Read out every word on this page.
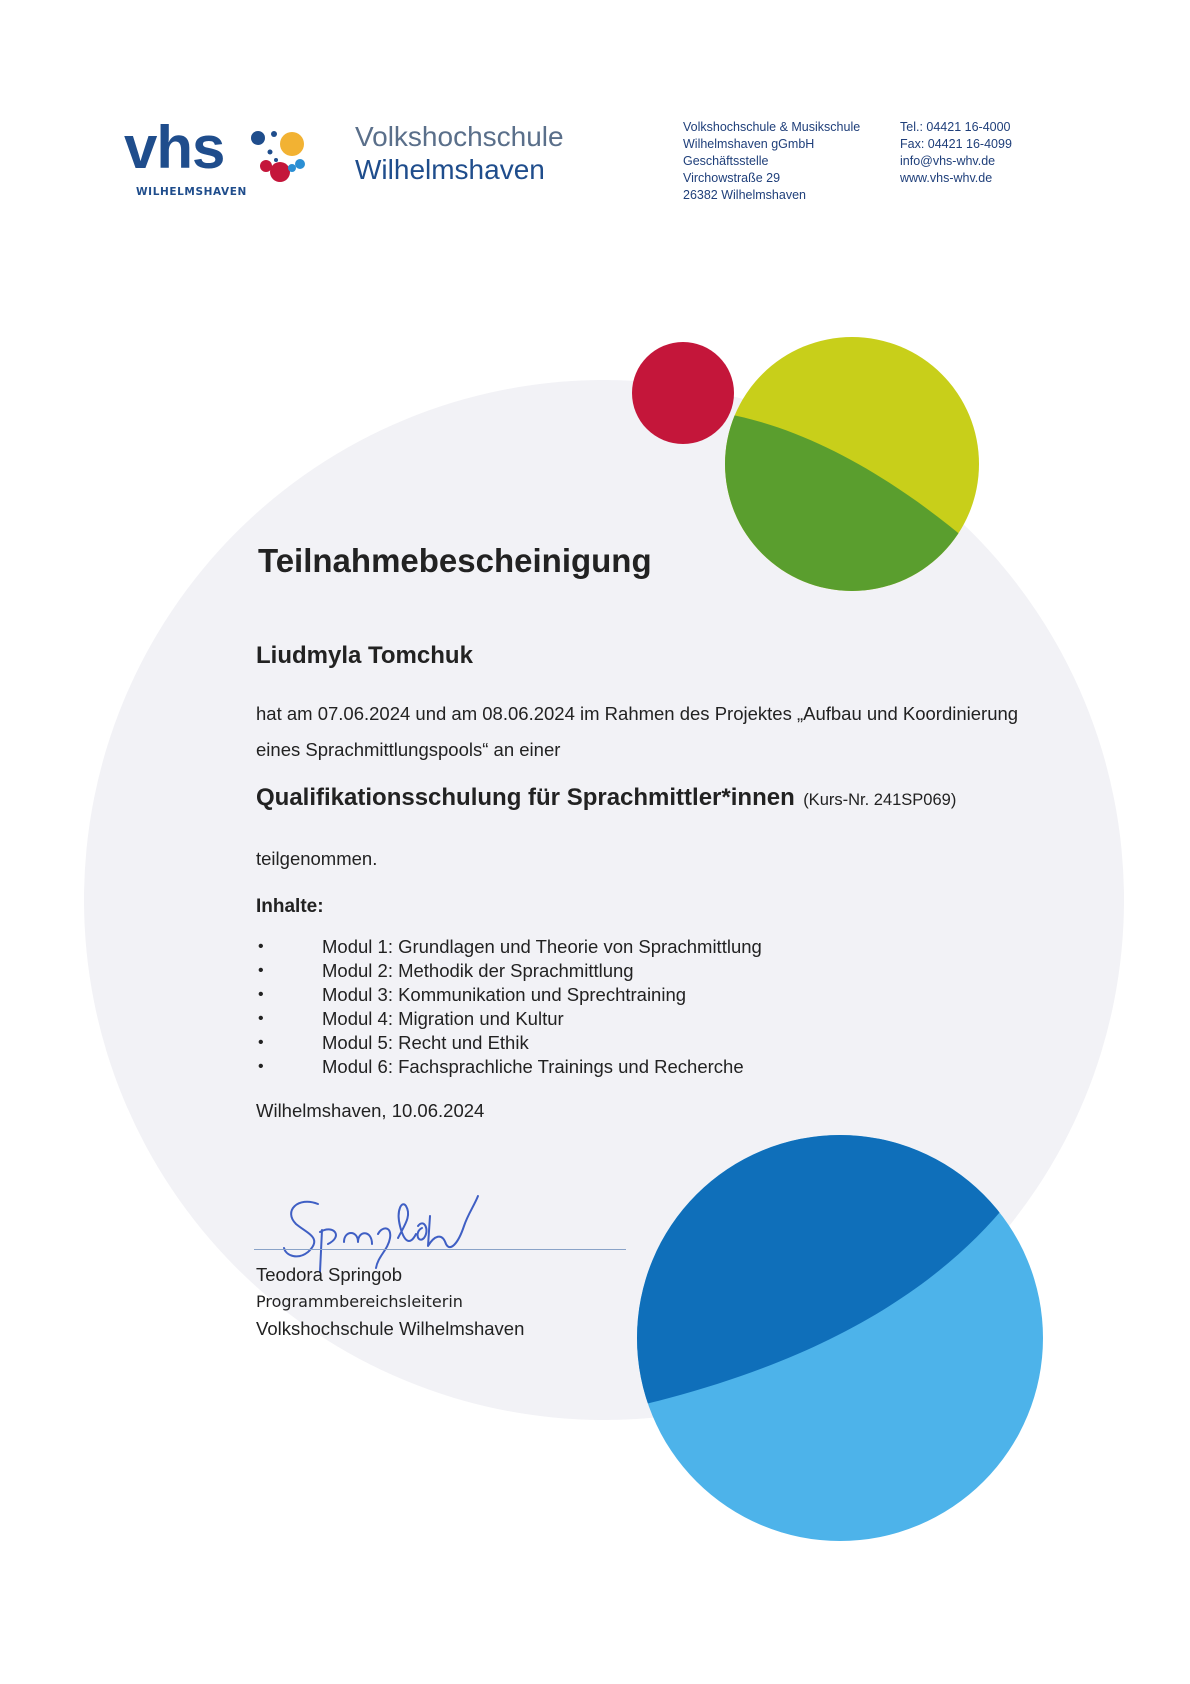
vhs
WILHELMSHAVEN
Volkshochschule
Wilhelmshaven
Volkshochschule & Musikschule
Wilhelmshaven gGmbH
Geschäftsstelle
Virchowstraße 29
26382 Wilhelmshaven
Tel.: 04421 16-4000
Fax: 04421 16-4099
info@vhs-whv.de
www.vhs-whv.de
Teilnahmebescheinigung
Liudmyla Tomchuk
hat am 07.06.2024 und am 08.06.2024 im Rahmen des Projektes „Aufbau und Koordinierung eines Sprachmittlungspools“ an einer
Qualifikationsschulung für Sprachmittler*innen (Kurs-Nr. 241SP069)
teilgenommen.
Inhalte:
•	Modul 1: Grundlagen und Theorie von Sprachmittlung
•	Modul 2: Methodik der Sprachmittlung
•	Modul 3: Kommunikation und Sprechtraining
•	Modul 4: Migration und Kultur
•	Modul 5: Recht und Ethik
•	Modul 6: Fachsprachliche Trainings und Recherche
Wilhelmshaven, 10.06.2024
Teodora Springob
Programmbereichsleiterin
Volkshochschule Wilhelmshaven
